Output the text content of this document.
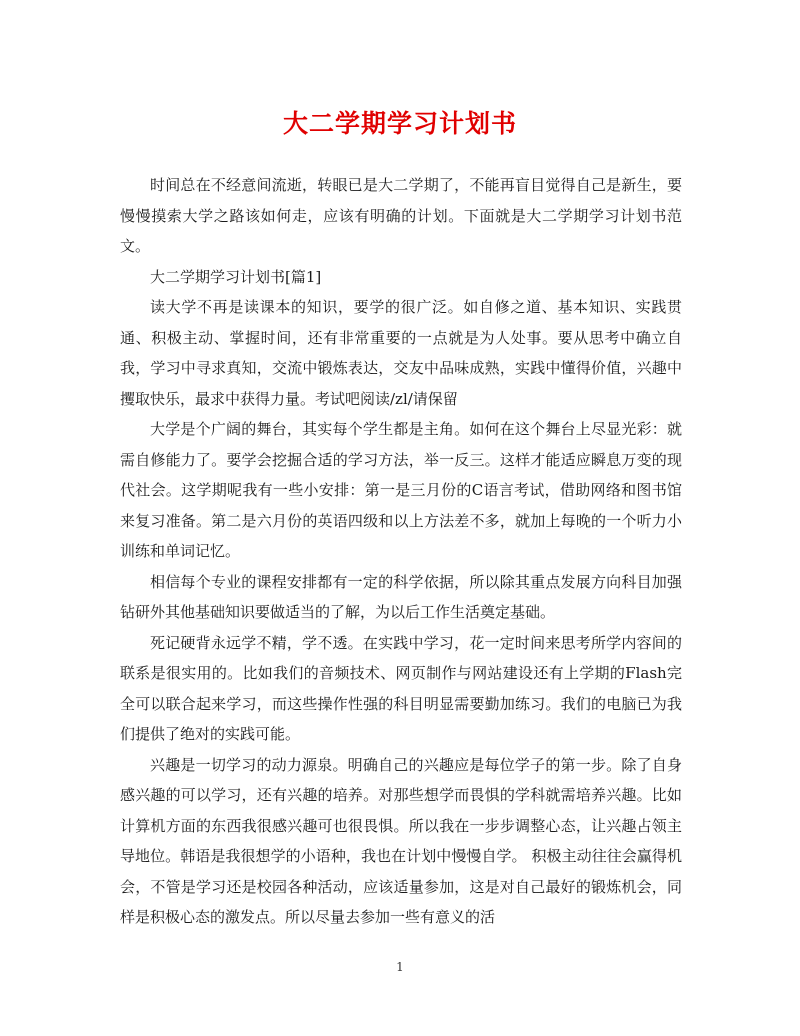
大二学期学习计划书

时间总在不经意间流逝，转眼已是大二学期了，不能再盲目觉得自己是新生，要慢慢摸索大学之路该如何走，应该有明确的计划。下面就是大二学期学习计划书范文。

大二学期学习计划书[篇1]

读大学不再是读课本的知识，要学的很广泛。如自修之道、基本知识、实践贯通、积极主动、掌握时间，还有非常重要的一点就是为人处事。要从思考中确立自我，学习中寻求真知，交流中锻炼表达，交友中品味成熟，实践中懂得价值，兴趣中攫取快乐，最求中获得力量。考试吧阅读/zl/请保留

大学是个广阔的舞台，其实每个学生都是主角。如何在这个舞台上尽显光彩：就需自修能力了。要学会挖掘合适的学习方法，举一反三。这样才能适应瞬息万变的现代社会。这学期呢我有一些小安排：第一是三月份的C语言考试，借助网络和图书馆来复习准备。第二是六月份的英语四级和以上方法差不多，就加上每晚的一个听力小训练和单词记忆。

相信每个专业的课程安排都有一定的科学依据，所以除其重点发展方向科目加强钻研外其他基础知识要做适当的了解，为以后工作生活奠定基础。

死记硬背永远学不精，学不透。在实践中学习，花一定时间来思考所学内容间的联系是很实用的。比如我们的音频技术、网页制作与网站建设还有上学期的Flash完全可以联合起来学习，而这些操作性强的科目明显需要勤加练习。我们的电脑已为我们提供了绝对的实践可能。

兴趣是一切学习的动力源泉。明确自己的兴趣应是每位学子的第一步。除了自身感兴趣的可以学习，还有兴趣的培养。对那些想学而畏惧的学科就需培养兴趣。比如计算机方面的东西我很感兴趣可也很畏惧。所以我在一步步调整心态，让兴趣占领主导地位。韩语是我很想学的小语种，我也在计划中慢慢自学。 积极主动往往会赢得机会，不管是学习还是校园各种活动，应该适量参加，这是对自己最好的锻炼机会，同样是积极心态的激发点。所以尽量去参加一些有意义的活

1
